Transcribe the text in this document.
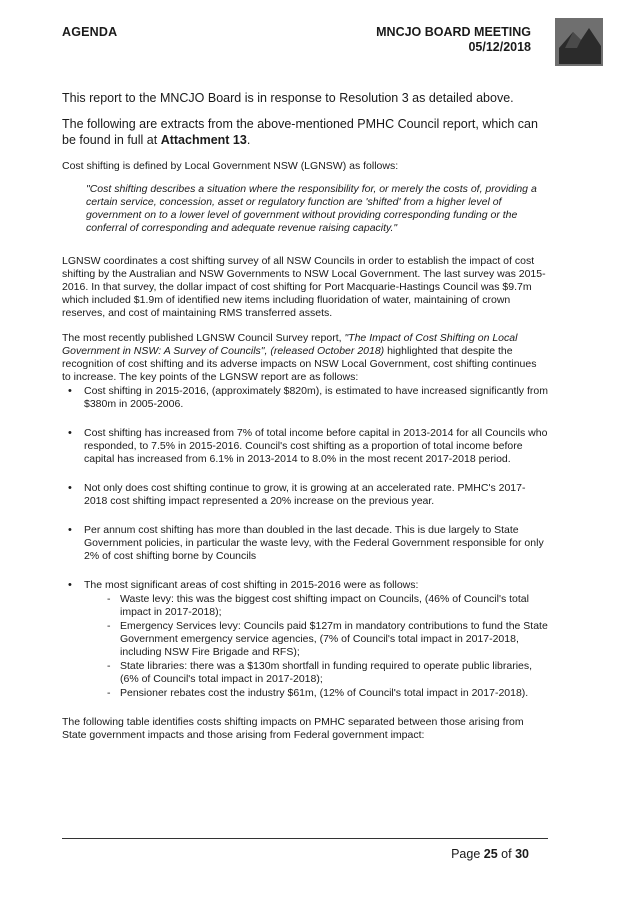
AGENDA	MNCJO BOARD MEETING
05/12/2018

This report to the MNCJO Board is in response to Resolution 3 as detailed above.

The following are extracts from the above-mentioned PMHC Council report, which can be found in full at Attachment 13.

Cost shifting is defined by Local Government NSW (LGNSW) as follows:

"Cost shifting describes a situation where the responsibility for, or merely the costs of, providing a certain service, concession, asset or regulatory function are 'shifted' from a higher level of government on to a lower level of government without providing corresponding funding or the conferral of corresponding and adequate revenue raising capacity."

LGNSW coordinates a cost shifting survey of all NSW Councils in order to establish the impact of cost shifting by the Australian and NSW Governments to NSW Local Government. The last survey was 2015-2016. In that survey, the dollar impact of cost shifting for Port Macquarie-Hastings Council was $9.7m which included $1.9m of identified new items including fluoridation of water, maintaining of crown reserves, and cost of maintaining RMS transferred assets.

The most recently published LGNSW Council Survey report, "The Impact of Cost Shifting on Local Government in NSW: A Survey of Councils", (released October 2018) highlighted that despite the recognition of cost shifting and its adverse impacts on NSW Local Government, cost shifting continues to increase. The key points of the LGNSW report are as follows:

• Cost shifting in 2015-2016, (approximately $820m), is estimated to have increased significantly from $380m in 2005-2006.
• Cost shifting has increased from 7% of total income before capital in 2013-2014 for all Councils who responded, to 7.5% in 2015-2016. Council's cost shifting as a proportion of total income before capital has increased from 6.1% in 2013-2014 to 8.0% in the most recent 2017-2018 period.
• Not only does cost shifting continue to grow, it is growing at an accelerated rate. PMHC's 2017-2018 cost shifting impact represented a 20% increase on the previous year.
• Per annum cost shifting has more than doubled in the last decade. This is due largely to State Government policies, in particular the waste levy, with the Federal Government responsible for only 2% of cost shifting borne by Councils
• The most significant areas of cost shifting in 2015-2016 were as follows:
- Waste levy: this was the biggest cost shifting impact on Councils, (46% of Council's total impact in 2017-2018);
- Emergency Services levy: Councils paid $127m in mandatory contributions to fund the State Government emergency service agencies, (7% of Council's total impact in 2017-2018, including NSW Fire Brigade and RFS);
- State libraries: there was a $130m shortfall in funding required to operate public libraries, (6% of Council's total impact in 2017-2018);
- Pensioner rebates cost the industry $61m, (12% of Council's total impact in 2017-2018).

The following table identifies costs shifting impacts on PMHC separated between those arising from State government impacts and those arising from Federal government impact:

Page 25 of 30
